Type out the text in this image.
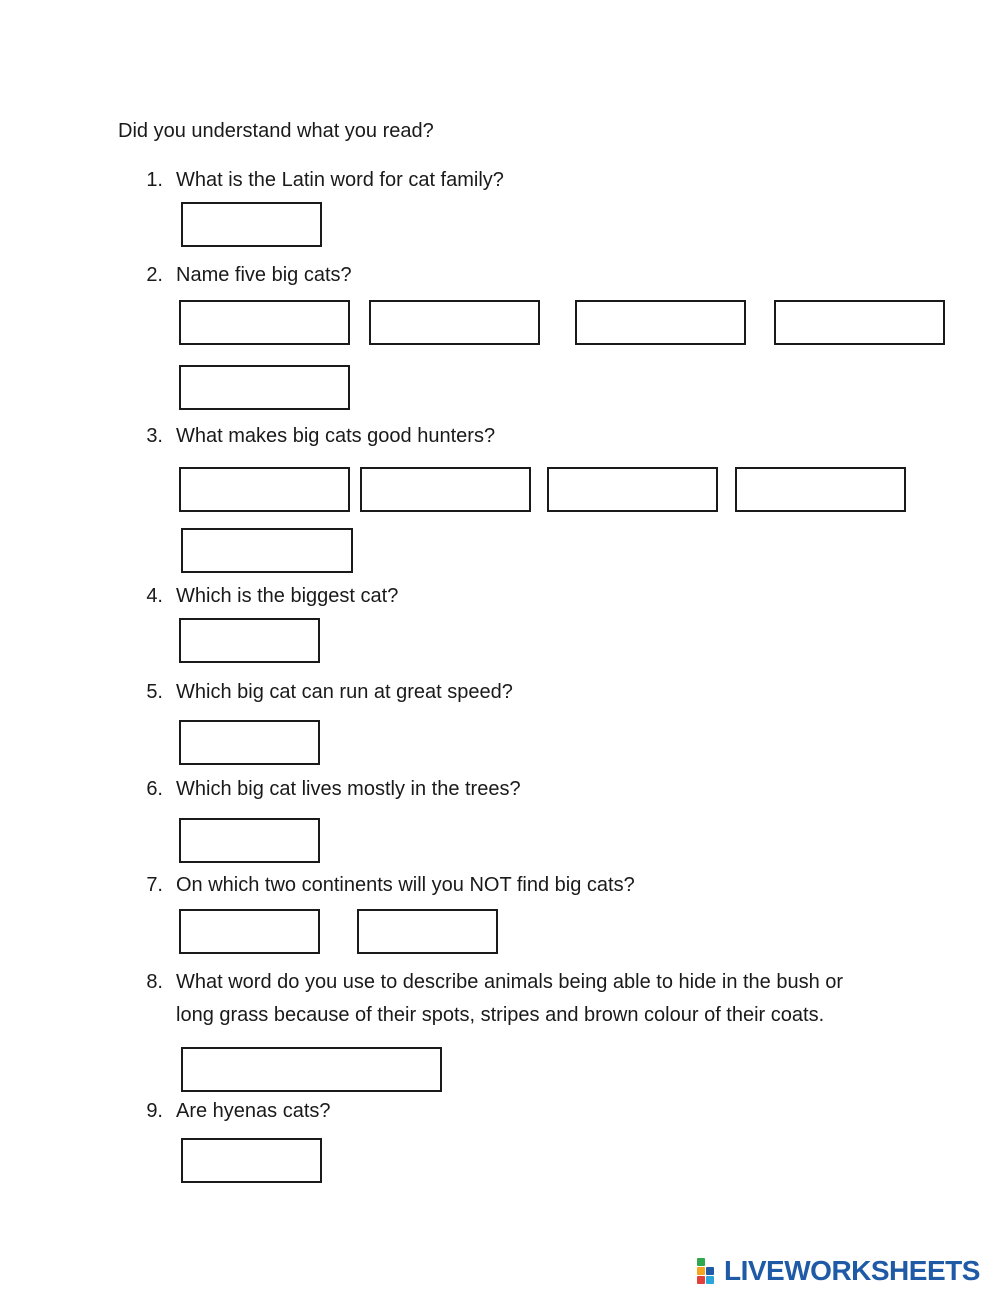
Did you understand what you read?
1. What is the Latin word for cat family?
2. Name five big cats?
3. What makes big cats good hunters?
4. Which is the biggest cat?
5. Which big cat can run at great speed?
6. Which big cat lives mostly in the trees?
7. On which two continents will you NOT find big cats?
8. What word do you use to describe animals being able to hide in the bush or
long grass because of their spots, stripes and brown colour of their coats.
9. Are hyenas cats?
LIVEWORKSHEETS
